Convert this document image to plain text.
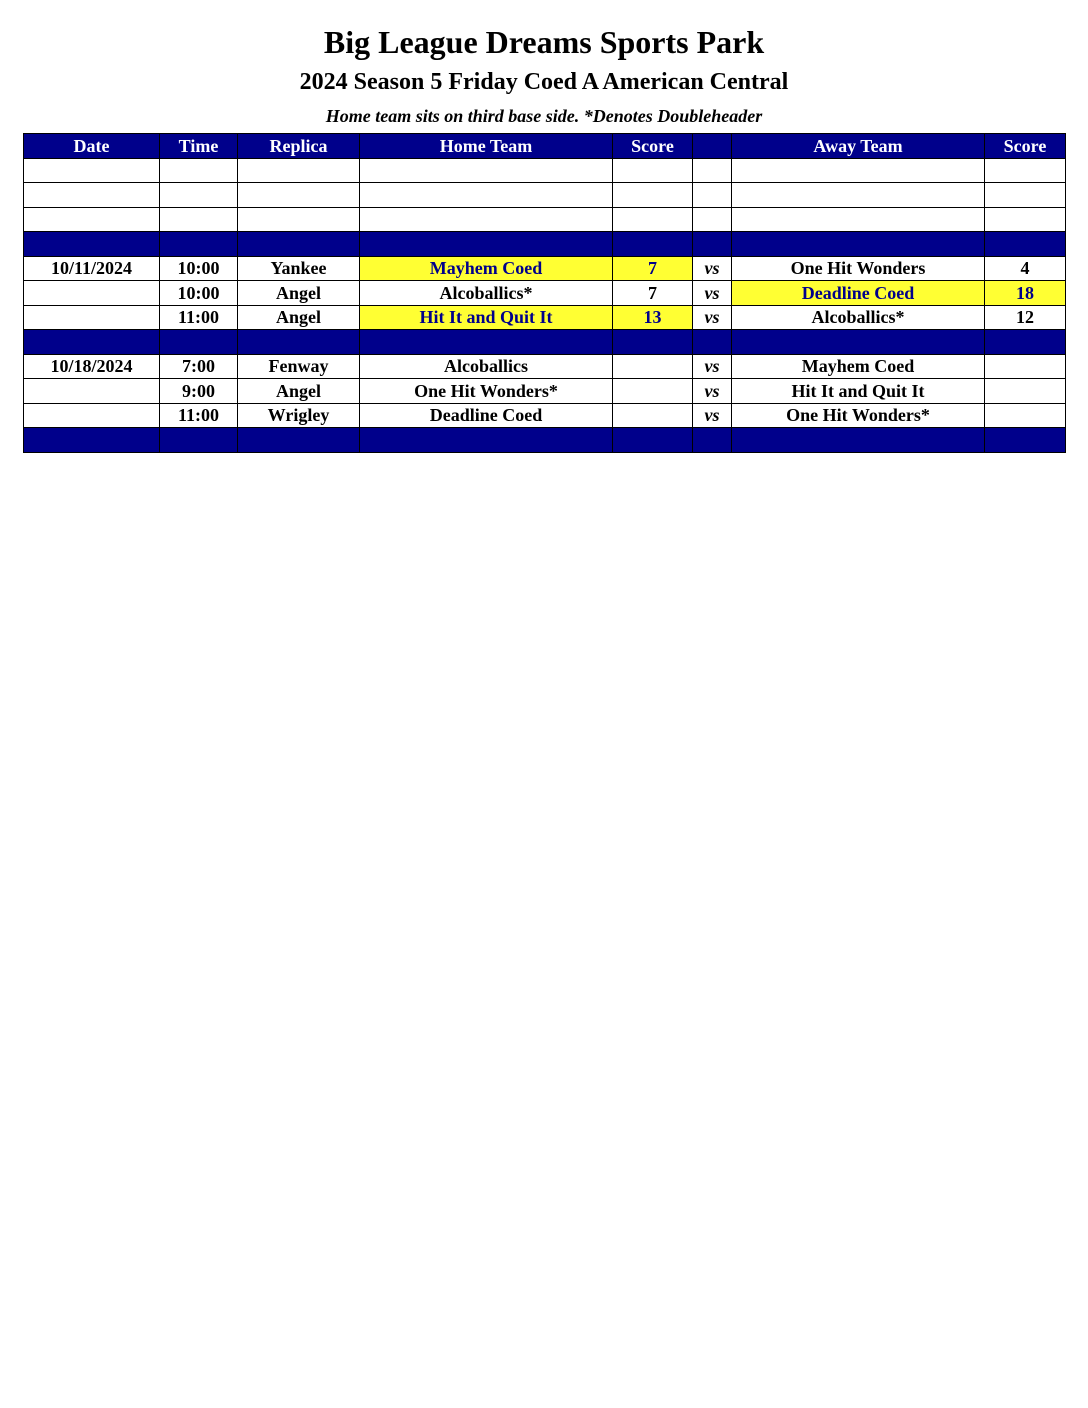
Big League Dreams Sports Park
2024 Season 5 Friday Coed A American Central
Home team sits on third base side. *Denotes Doubleheader
Date	Time	Replica	Home Team	Score		Away Team	Score

10/11/2024	10:00	Yankee	Mayhem Coed	7	vs	One Hit Wonders	4
	10:00	Angel	Alcoballics*	7	vs	Deadline Coed	18
	11:00	Angel	Hit It and Quit It	13	vs	Alcoballics*	12

10/18/2024	7:00	Fenway	Alcoballics		vs	Mayhem Coed	
	9:00	Angel	One Hit Wonders*		vs	Hit It and Quit It	
	11:00	Wrigley	Deadline Coed		vs	One Hit Wonders*	
